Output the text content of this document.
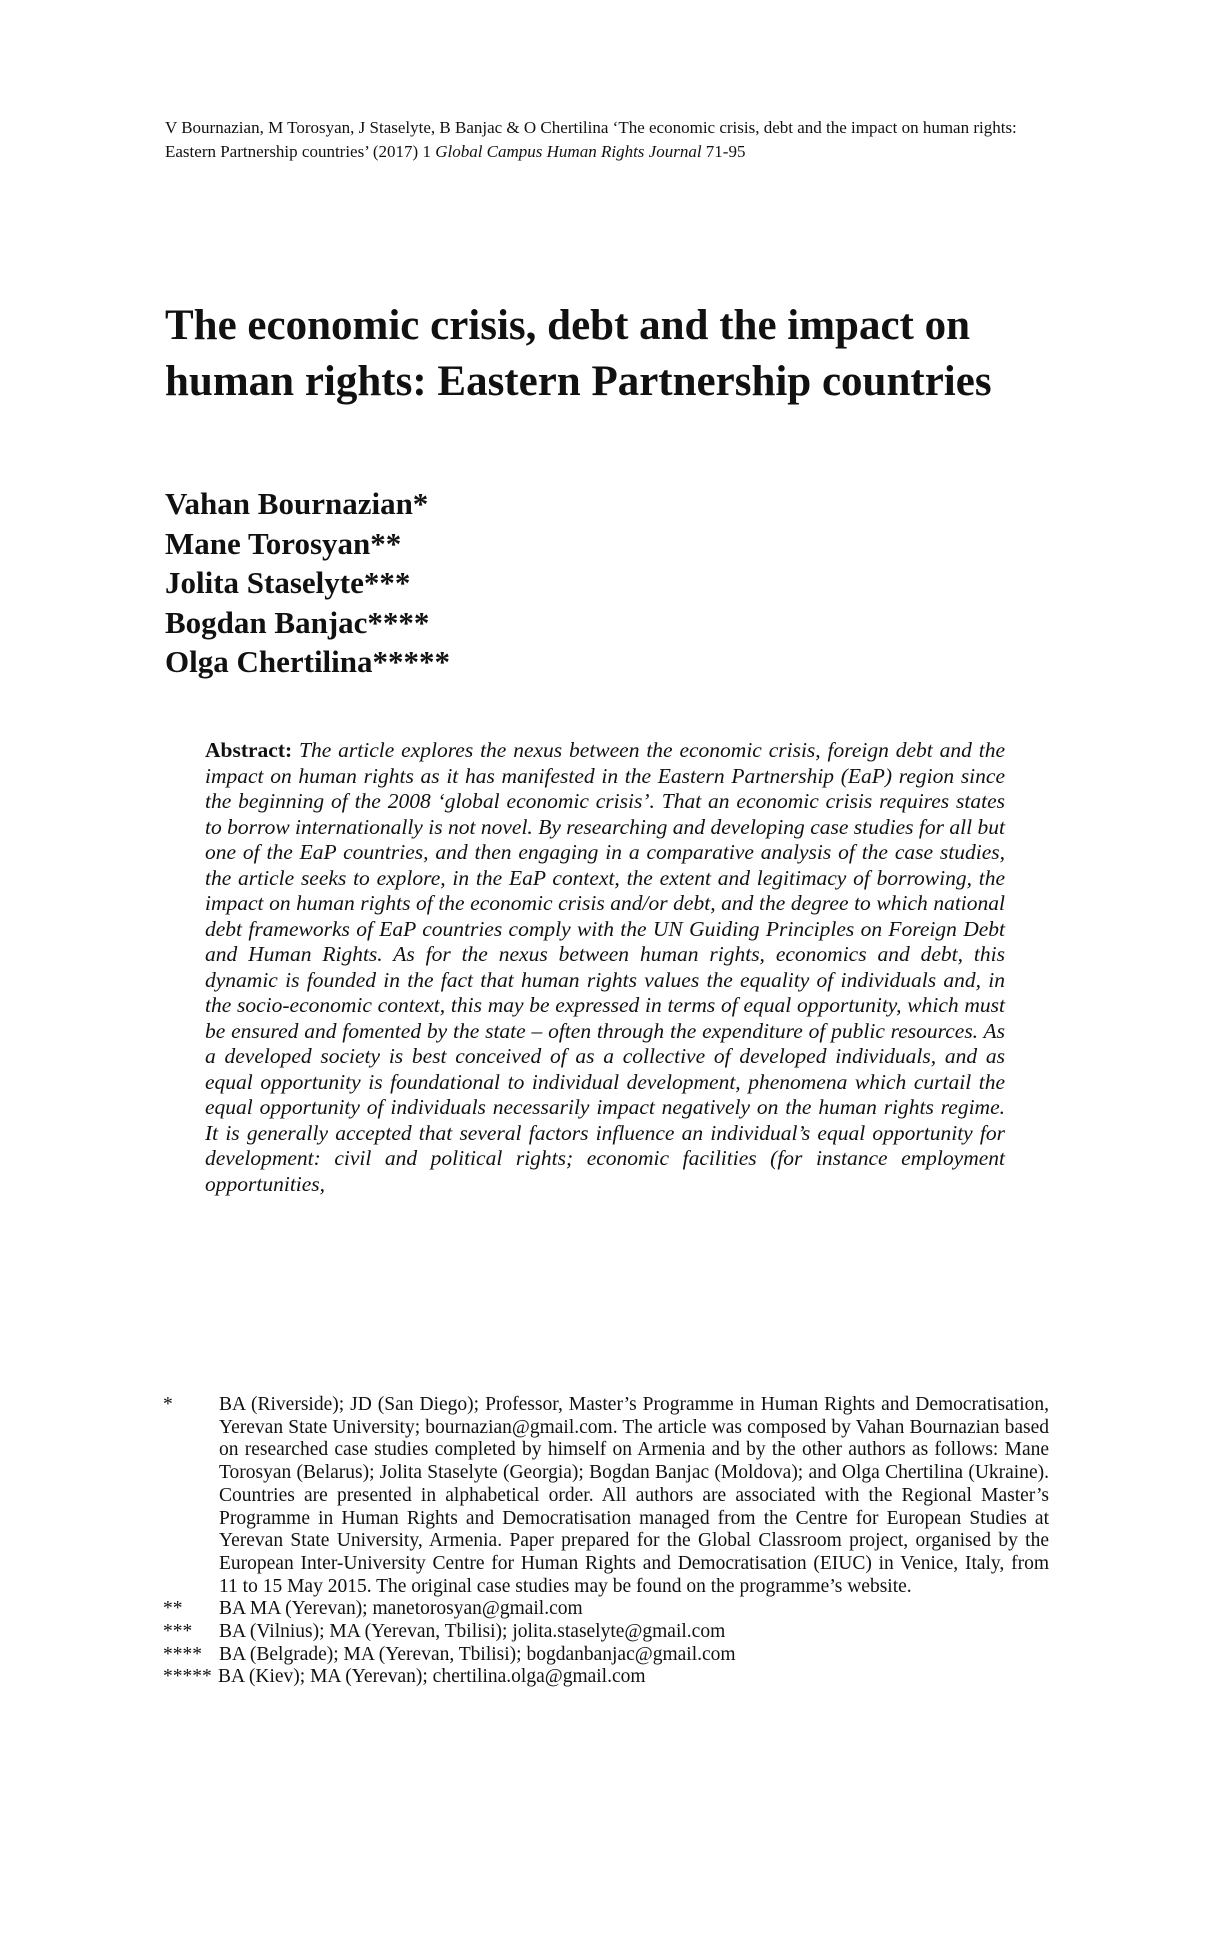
V Bournazian, M Torosyan, J Staselyte, B Banjac & O Chertilina ‘The economic crisis, debt and the impact on human rights: Eastern Partnership countries’ (2017) 1 Global Campus Human Rights Journal 71-95
The economic crisis, debt and the impact on human rights: Eastern Partnership countries
Vahan Bournazian*
Mane Torosyan**
Jolita Staselyte***
Bogdan Banjac****
Olga Chertilina*****

Abstract: The article explores the nexus between the economic crisis, foreign debt and the impact on human rights as it has manifested in the Eastern Partnership (EaP) region since the beginning of the 2008 ‘global economic crisis’. That an economic crisis requires states to borrow internationally is not novel. By researching and developing case studies for all but one of the EaP countries, and then engaging in a comparative analysis of the case studies, the article seeks to explore, in the EaP context, the extent and legitimacy of borrowing, the impact on human rights of the economic crisis and/or debt, and the degree to which national debt frameworks of EaP countries comply with the UN Guiding Principles on Foreign Debt and Human Rights. As for the nexus between human rights, economics and debt, this dynamic is founded in the fact that human rights values the equality of individuals and, in the socio-economic context, this may be expressed in terms of equal opportunity, which must be ensured and fomented by the state – often through the expenditure of public resources. As a developed society is best conceived of as a collective of developed individuals, and as equal opportunity is foundational to individual development, phenomena which curtail the equal opportunity of individuals necessarily impact negatively on the human rights regime. It is generally accepted that several factors influence an individual’s equal opportunity for development: civil and political rights; economic facilities (for instance employment opportunities,

*	BA (Riverside); JD (San Diego); Professor, Master’s Programme in Human Rights and Democratisation, Yerevan State University; bournazian@gmail.com. The article was composed by Vahan Bournazian based on researched case studies completed by himself on Armenia and by the other authors as follows: Mane Torosyan (Belarus); Jolita Staselyte (Georgia); Bogdan Banjac (Moldova); and Olga Chertilina (Ukraine). Countries are presented in alphabetical order. All authors are associated with the Regional Master’s Programme in Human Rights and Democratisation managed from the Centre for European Studies at Yerevan State University, Armenia. Paper prepared for the Global Classroom project, organised by the European Inter-University Centre for Human Rights and Democratisation (EIUC) in Venice, Italy, from 11 to 15 May 2015. The original case studies may be found on the programme’s website.
**	BA MA (Yerevan); manetorosyan@gmail.com
***	BA (Vilnius); MA (Yerevan, Tbilisi); jolita.staselyte@gmail.com
**** BA (Belgrade); MA (Yerevan, Tbilisi); bogdanbanjac@gmail.com
***** BA (Kiev); MA (Yerevan); chertilina.olga@gmail.com
